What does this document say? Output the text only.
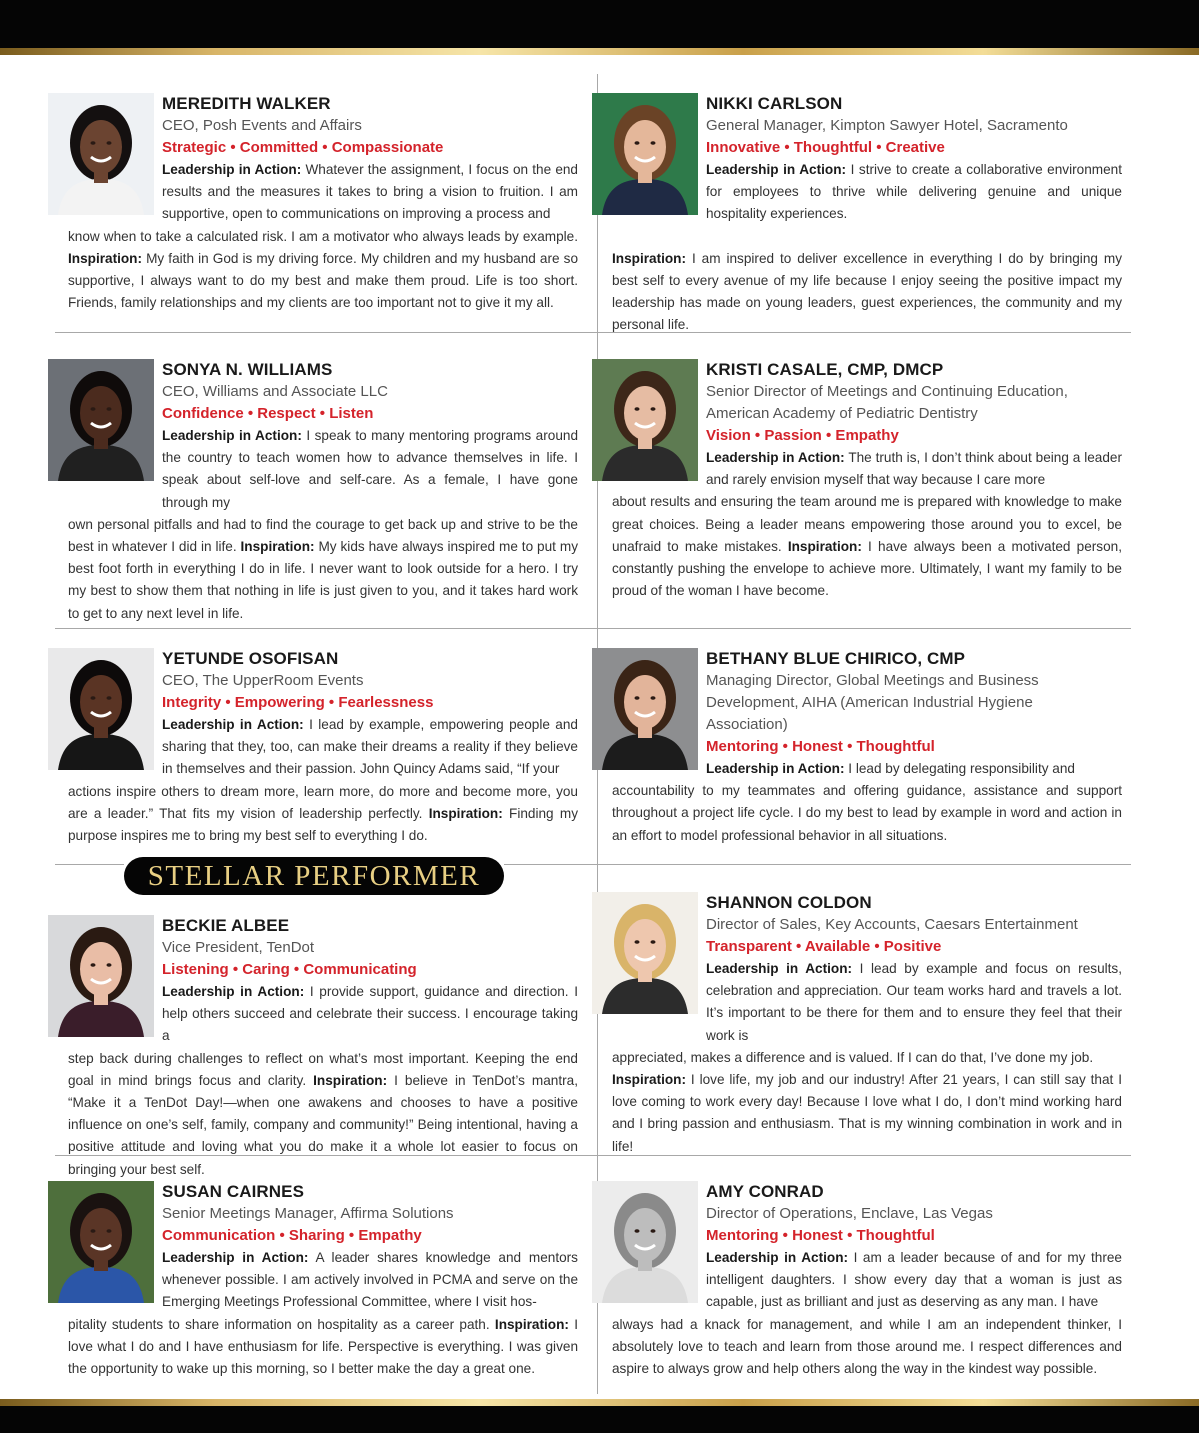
STELLAR PERFORMER
MEREDITH WALKER
CEO, Posh Events and Affairs
Strategic • Committed • Compassionate
Leadership in Action: Whatever the assignment, I focus on the end results and the measures it takes to bring a vision to fruition. I am supportive, open to communications on improving a process and
know when to take a calculated risk. I am a motivator who always leads by example. Inspiration: My faith in God is my driving force. My children and my husband are so supportive, I always want to do my best and make them proud. Life is too short. Friends, family relationships and my clients are too important not to give it my all.
NIKKI CARLSON
General Manager, Kimpton Sawyer Hotel, Sacramento
Innovative • Thoughtful • Creative
Leadership in Action: I strive to create a collaborative environment for employees to thrive while delivering genuine and unique hospitality experiences.

Inspiration: I am inspired to deliver excellence in everything I do by bringing my best self to every avenue of my life because I enjoy seeing the positive impact my leadership has made on young leaders, guest experiences, the community and my personal life.
SONYA N. WILLIAMS
CEO, Williams and Associate LLC
Confidence • Respect • Listen
Leadership in Action: I speak to many mentoring programs around the country to teach women how to advance themselves in life. I speak about self-love and self-care. As a female, I have gone through my
own personal pitfalls and had to find the courage to get back up and strive to be the best in whatever I did in life. Inspiration: My kids have always inspired me to put my best foot forth in everything I do in life. I never want to look outside for a hero. I try my best to show them that nothing in life is just given to you, and it takes hard work to get to any next level in life.
KRISTI CASALE, CMP, DMCP
Senior Director of Meetings and Continuing Education,
American Academy of Pediatric Dentistry
Vision • Passion • Empathy
Leadership in Action: The truth is, I don’t think about being a leader and rarely envision myself that way because I care more
about results and ensuring the team around me is prepared with knowledge to make great choices. Being a leader means empowering those around you to excel, be unafraid to make mistakes. Inspiration: I have always been a motivated person, constantly pushing the envelope to achieve more. Ultimately, I want my family to be proud of the woman I have become.
YETUNDE OSOFISAN
CEO, The UpperRoom Events
Integrity • Empowering • Fearlessness
Leadership in Action: I lead by example, empowering people and sharing that they, too, can make their dreams a reality if they believe in themselves and their passion. John Quincy Adams said, “If your
actions inspire others to dream more, learn more, do more and become more, you are a leader.” That fits my vision of leadership perfectly. Inspiration: Finding my purpose inspires me to bring my best self to everything I do.
BETHANY BLUE CHIRICO, CMP
Managing Director, Global Meetings and Business
Development, AIHA (American Industrial Hygiene
Association)
Mentoring • Honest • Thoughtful
Leadership in Action: I lead by delegating responsibility and
accountability to my teammates and offering guidance, assistance and support throughout a project life cycle. I do my best to lead by example in word and action in an effort to model professional behavior in all situations.
BECKIE ALBEE
Vice President, TenDot
Listening • Caring • Communicating
Leadership in Action: I provide support, guidance and direction. I help others succeed and celebrate their success. I encourage taking a
step back during challenges to reflect on what’s most important. Keeping the end goal in mind brings focus and clarity. Inspiration: I believe in TenDot’s mantra, “Make it a TenDot Day!—when one awakens and chooses to have a positive influence on one’s self, family, company and community!” Being intentional, having a positive attitude and loving what you do make it a whole lot easier to focus on bringing your best self.
SHANNON COLDON
Director of Sales, Key Accounts, Caesars Entertainment
Transparent • Available • Positive
Leadership in Action: I lead by example and focus on results, celebration and appreciation. Our team works hard and travels a lot. It’s important to be there for them and to ensure they feel that their work is
appreciated, makes a difference and is valued. If I can do that, I’ve done my job.
Inspiration: I love life, my job and our industry! After 21 years, I can still say that I love coming to work every day! Because I love what I do, I don’t mind working hard and I bring passion and enthusiasm. That is my winning combination in work and in life!
SUSAN CAIRNES
Senior Meetings Manager, Affirma Solutions
Communication • Sharing • Empathy
Leadership in Action: A leader shares knowledge and mentors whenever possible. I am actively involved in PCMA and serve on the Emerging Meetings Professional Committee, where I visit hos-
pitality students to share information on hospitality as a career path. Inspiration: I love what I do and I have enthusiasm for life. Perspective is everything. I was given the opportunity to wake up this morning, so I better make the day a great one.
AMY CONRAD
Director of Operations, Enclave, Las Vegas
Mentoring • Honest • Thoughtful
Leadership in Action: I am a leader because of and for my three intelligent daughters. I show every day that a woman is just as capable, just as brilliant and just as deserving as any man. I have
always had a knack for management, and while I am an independent thinker, I absolutely love to teach and learn from those around me. I respect differences and aspire to always grow and help others along the way in the kindest way possible.
